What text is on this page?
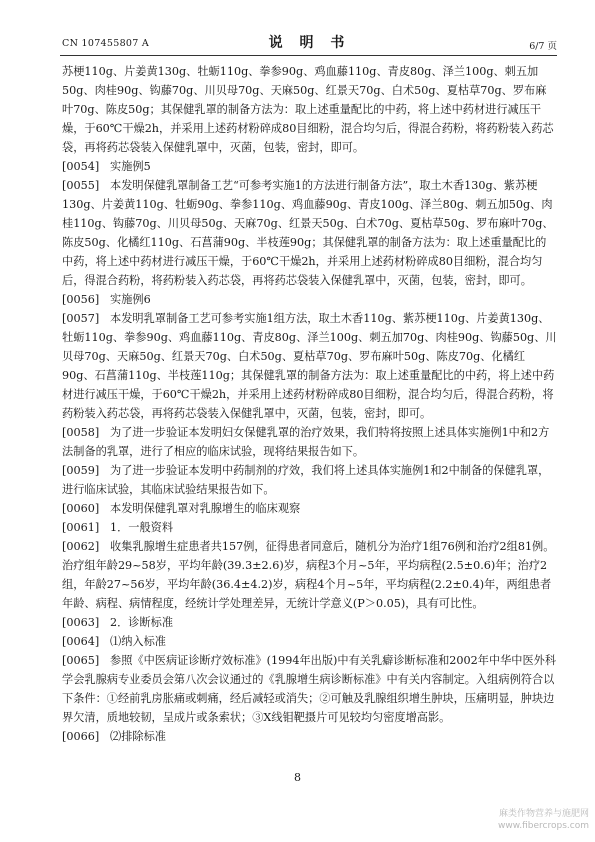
CN 107455807 A	说 明 书	6/7 页

苏梗110g、片姜黄130g、牡蛎110g、拳参90g、鸡血藤110g、青皮80g、泽兰100g、刺五加50g、肉桂90g、钩藤70g、川贝母70g、天麻50g、红景天70g、白术50g、夏枯草70g、罗布麻叶70g、陈皮50g；其保健乳罩的制备方法为：取上述重量配比的中药，将上述中药材进行减压干燥，于60℃干燥2h，并采用上述药材粉碎成80目细粉，混合均匀后，得混合药粉，将药粉装入药芯袋，再将药芯袋装入保健乳罩中，灭菌，包装，密封，即可。

[0054] 实施例5

[0055] 本发明保健乳罩制备工艺“可参考实施1的方法进行制备方法”，取土木香130g、紫苏梗130g、片姜黄110g、牡蛎90g、拳参110g、鸡血藤90g、青皮100g、泽兰80g、刺五加50g、肉桂110g、钩藤70g、川贝母50g、天麻70g、红景天50g、白术70g、夏枯草50g、罗布麻叶70g、陈皮50g、化橘红110g、石菖蒲90g、半枝莲90g；其保健乳罩的制备方法为：取上述重量配比的中药，将上述中药材进行减压干燥，于60℃干燥2h，并采用上述药材粉碎成80目细粉，混合均匀后，得混合药粉，将药粉装入药芯袋，再将药芯袋装入保健乳罩中，灭菌，包装，密封，即可。

[0056] 实施例6

[0057] 本发明乳罩制备工艺可参考实施1组方法，取土木香110g、紫苏梗110g、片姜黄130g、牡蛎110g、拳参90g、鸡血藤110g、青皮80g、泽兰100g、刺五加70g、肉桂90g、钩藤50g、川贝母70g、天麻50g、红景天70g、白术50g、夏枯草70g、罗布麻叶50g、陈皮70g、化橘红90g、石菖蒲110g、半枝莲110g；其保健乳罩的制备方法为：取上述重量配比的中药，将上述中药材进行减压干燥，于60℃干燥2h，并采用上述药材粉碎成80目细粉，混合均匀后，得混合药粉，将药粉装入药芯袋，再将药芯袋装入保健乳罩中，灭菌，包装，密封，即可。

[0058] 为了进一步验证本发明妇女保健乳罩的治疗效果，我们特将按照上述具体实施例1中和2方法制备的乳罩，进行了相应的临床试验，现将结果报告如下。

[0059] 为了进一步验证本发明中药制剂的疗效，我们将上述具体实施例1和2中制备的保健乳罩，进行临床试验，其临床试验结果报告如下。

[0060] 本发明保健乳罩对乳腺增生的临床观察

[0061] 1．一般资料

[0062] 收集乳腺增生症患者共157例，征得患者同意后，随机分为治疗1组76例和治疗2组81例。治疗组年龄29~58岁，平均年龄(39.3±2.6)岁，病程3个月~5年，平均病程(2.5±0.6)年；治疗2组，年龄27~56岁，平均年龄(36.4±4.2)岁，病程4个月~5年，平均病程(2.2±0.4)年，两组患者年龄、病程、病情程度，经统计学处理差异，无统计学意义(P＞0.05)，具有可比性。

[0063] 2．诊断标准

[0064] ⑴纳入标准

[0065] 参照《中医病证诊断疗效标准》(1994年出版)中有关乳癖诊断标准和2002年中华中医外科学会乳腺病专业委员会第八次会议通过的《乳腺增生病诊断标准》中有关内容制定。入组病例符合以下条件：①经前乳房胀痛或刺痛，经后减轻或消失；②可触及乳腺组织增生肿块，压痛明显，肿块边界欠清，质地较韧，呈成片或条索状；③X线钼靶摄片可见较均匀密度增高影。

[0066] ⑵排除标准

8
麻类作物营养与施肥网
www.fibercrops.com
